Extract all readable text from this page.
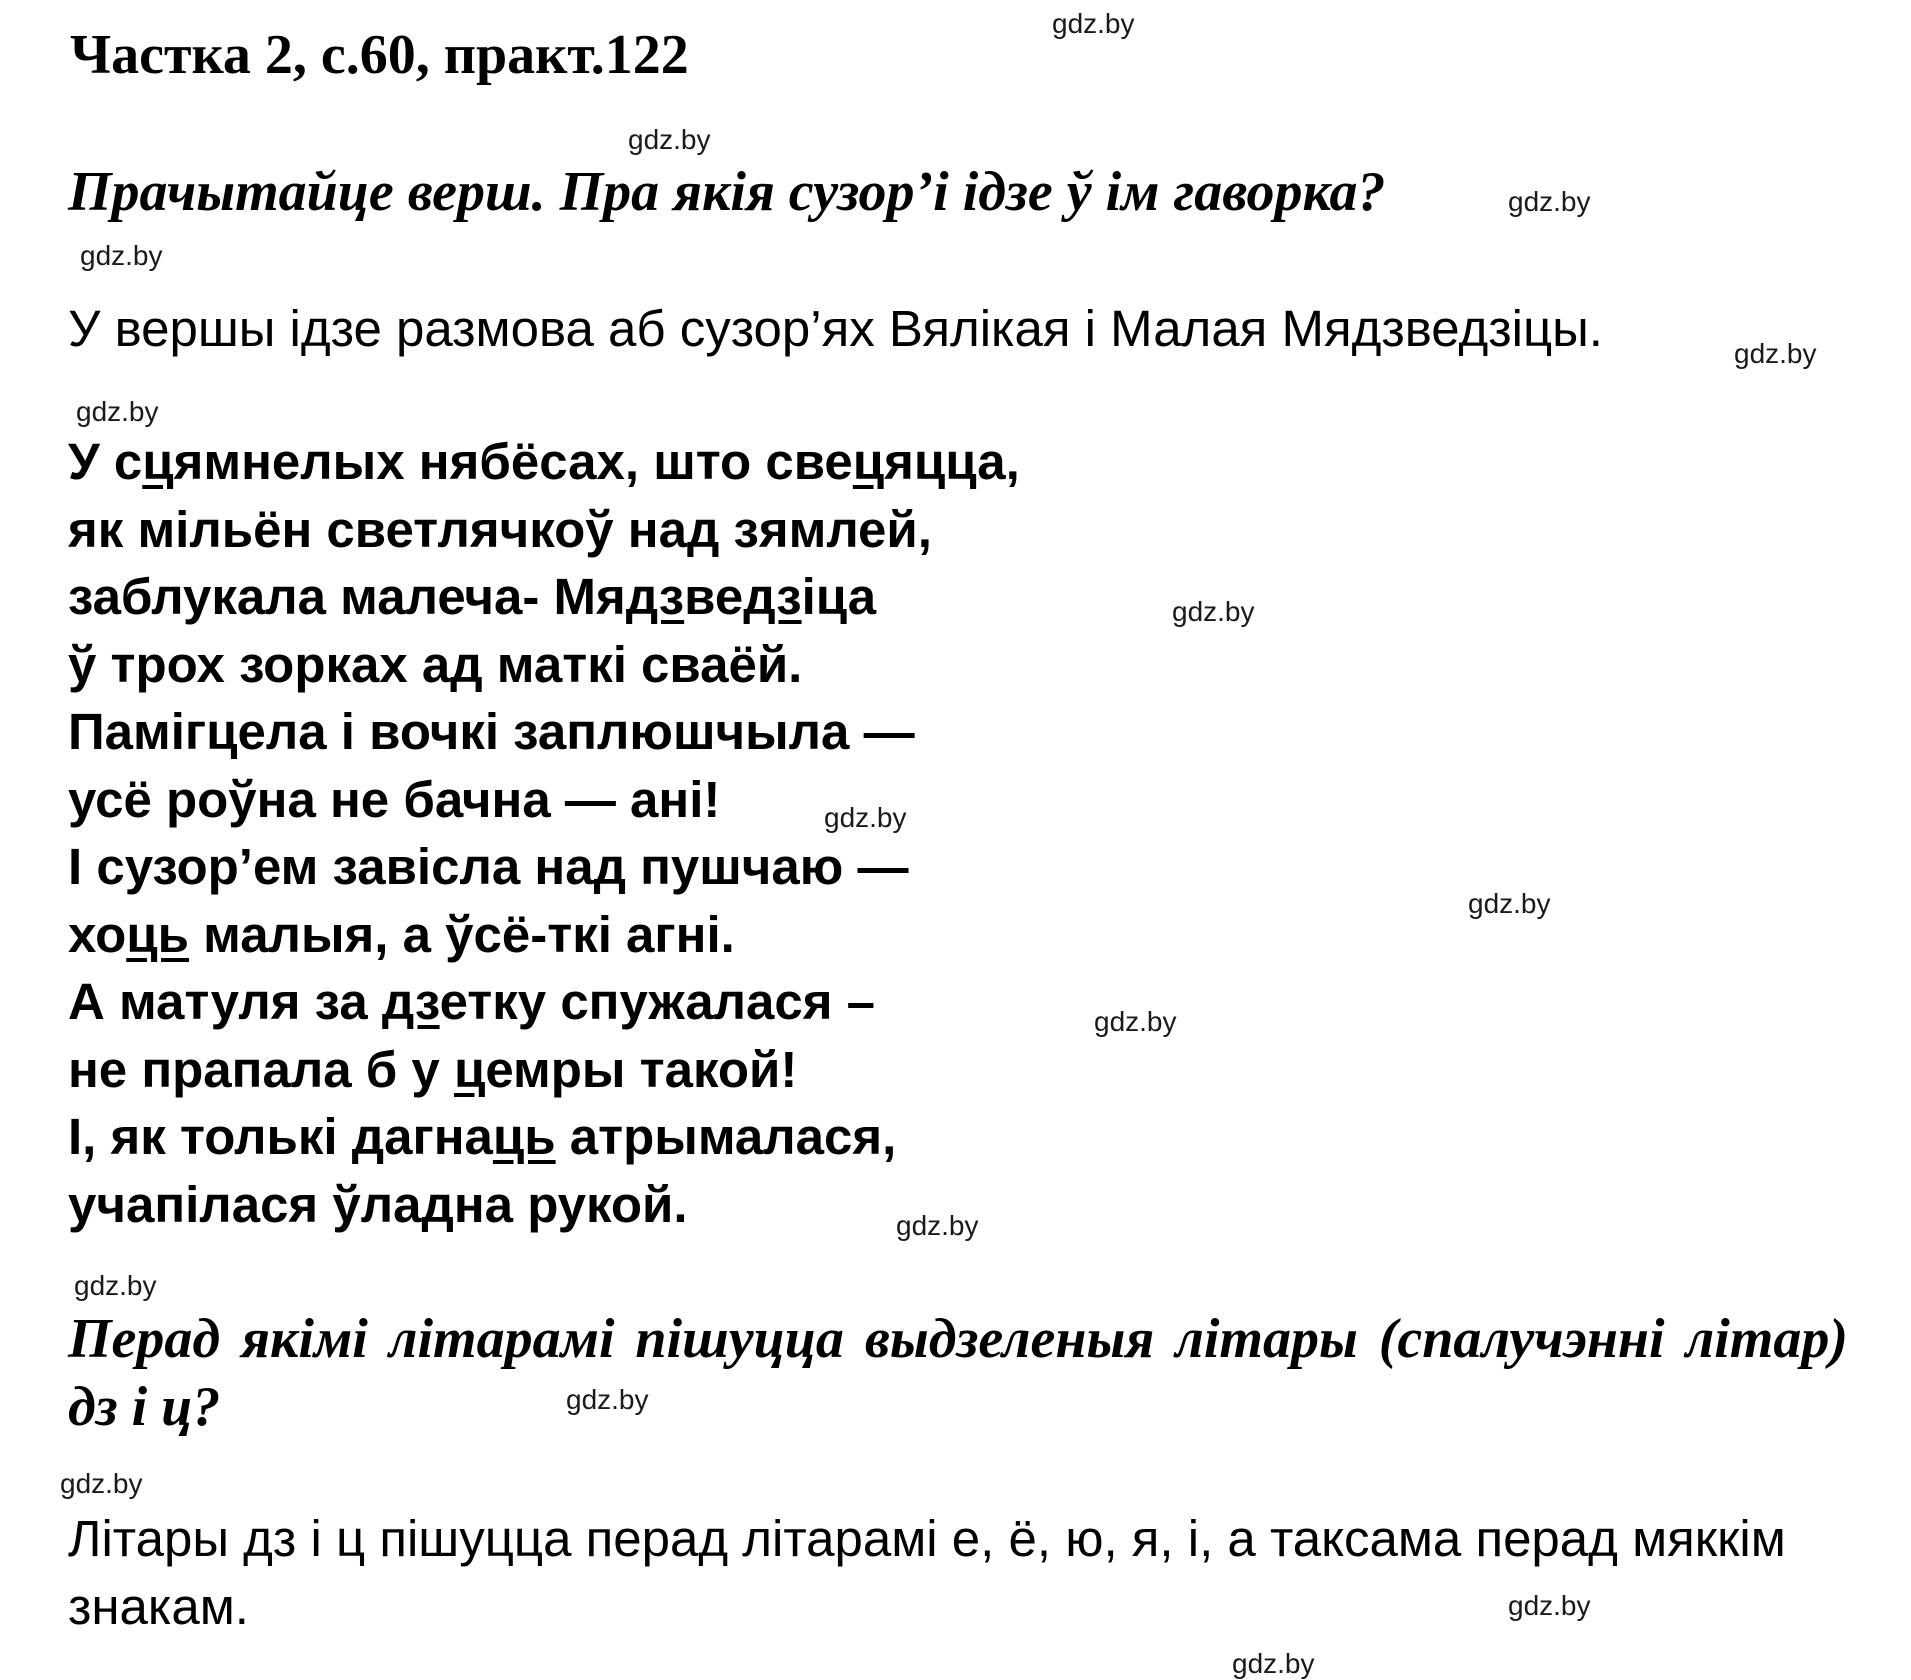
Частка 2, с.60, практ.122
Прачытайце верш. Пра якія сузор’і ідзе ў ім гаворка?
У вершы ідзе размова аб сузор’ях Вялікая і Малая Мядзведзіцы.
У сцямнелых нябёсах, што свецяцца,
як мільён светлячкоў над зямлей,
заблукала малеча- Мядзведзіца
ў трох зорках ад маткі сваёй.
Памігцела і вочкі заплюшчыла —
усё роўна не бачна — ані!
І сузор’ем завісла над пушчаю —
хоць малыя, а ўсё-ткі агні.
А матуля за дзетку спужалася –
не прапала б у цемры такой!
І, як толькі дагнаць атрымалася,
учапілася ўладна рукой.
Перад якімі літарамі пішуцца выдзеленыя літары (спалучэнні літар) дз і ц?
Літары дз і ц пішуцца перад літарамі е, ё, ю, я, і, а таксама перад мяккім знакам.
gdz.by
gdz.by
gdz.by
gdz.by
gdz.by
gdz.by
gdz.by
gdz.by
gdz.by
gdz.by
gdz.by
gdz.by
gdz.by
gdz.by
gdz.by
gdz.by
